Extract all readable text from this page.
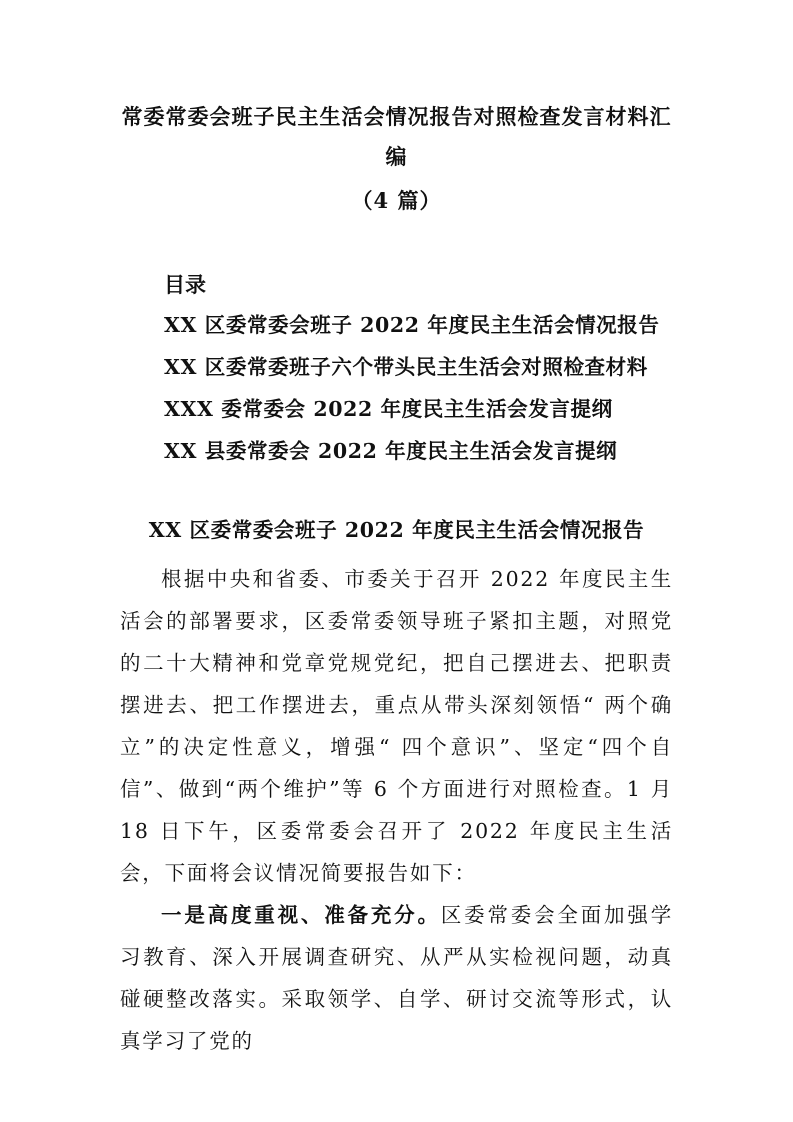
常委常委会班子民主生活会情况报告对照检查发言材料汇
编
（4 篇）
目录
XX 区委常委会班子 2022 年度民主生活会情况报告
XX 区委常委班子六个带头民主生活会对照检查材料
XXX 委常委会 2022 年度民主生活会发言提纲
XX 县委常委会 2022 年度民主生活会发言提纲
XX 区委常委会班子 2022 年度民主生活会情况报告

根据中央和省委、市委关于召开 2022 年度民主生活会的部署要求，区委常委领导班子紧扣主题，对照党的二十大精神和党章党规党纪，把自己摆进去、把职责摆进去、把工作摆进去，重点从带头深刻领悟“ 两个确立”的决定性意义，增强“ 四个意识”、坚定“四个自信”、做到“两个维护”等 6 个方面进行对照检查。1 月 18 日下午，区委常委会召开了 2022 年度民主生活会，下面将会议情况简要报告如下：

一是高度重视、准备充分。区委常委会全面加强学习教育、深入开展调查研究、从严从实检视问题，动真碰硬整改落实。采取领学、自学、研讨交流等形式，认真学习了党的
